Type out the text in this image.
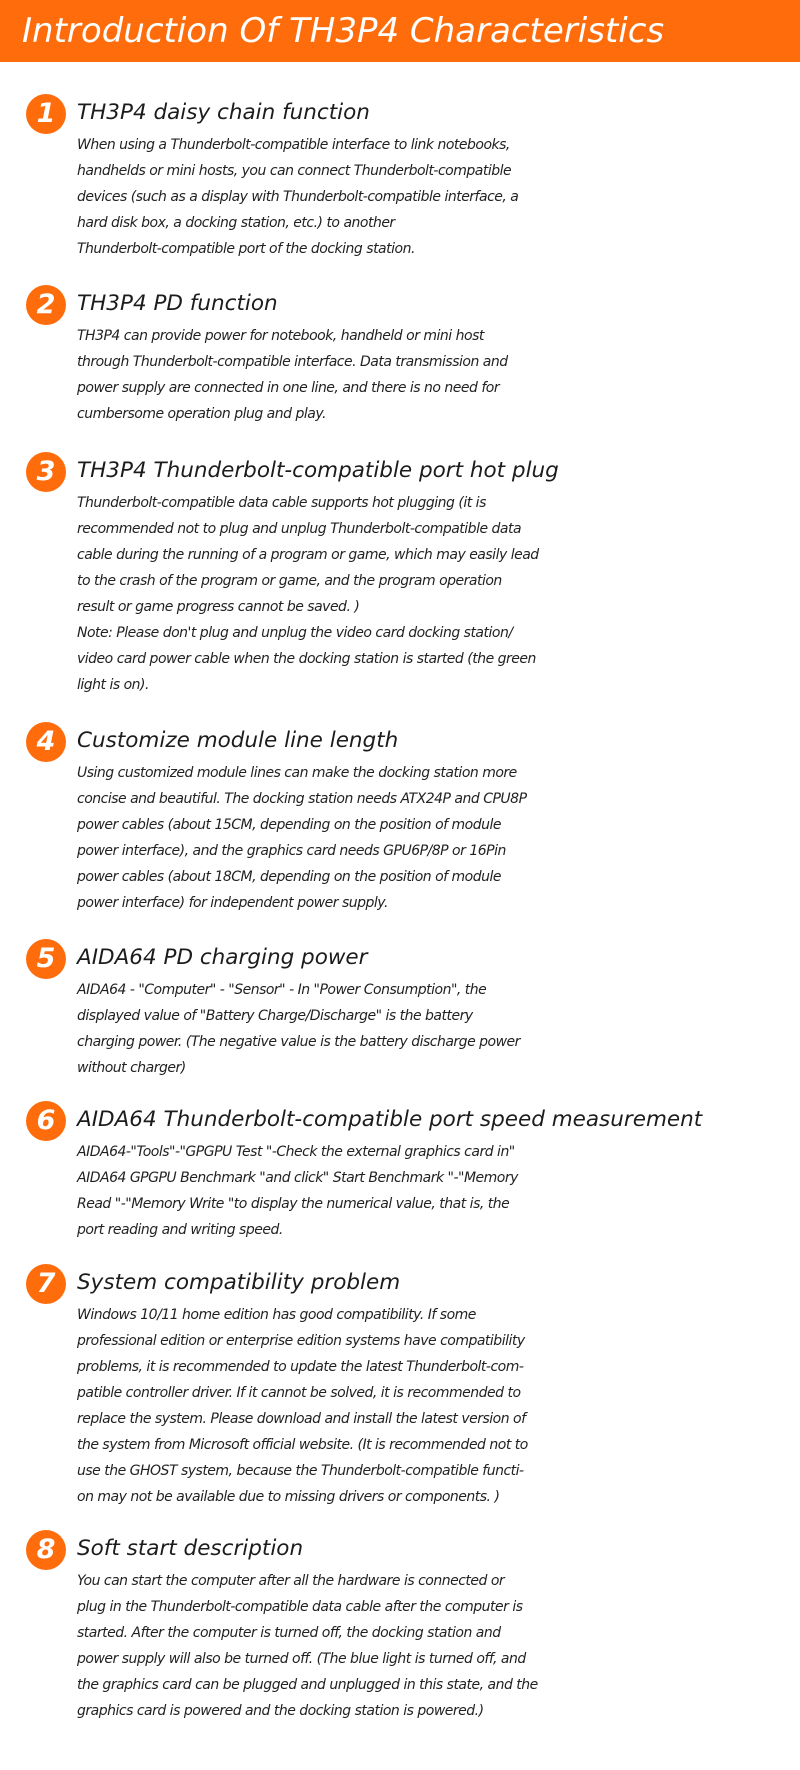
Introduction Of TH3P4 Characteristics
1	TH3P4 daisy chain function
When using a Thunderbolt-compatible interface to link notebooks,
handhelds or mini hosts, you can connect Thunderbolt-compatible
devices (such as a display with Thunderbolt-compatible interface, a
hard disk box, a docking station, etc.) to another
Thunderbolt-compatible port of the docking station.
2	TH3P4 PD function
TH3P4 can provide power for notebook, handheld or mini host
through Thunderbolt-compatible interface. Data transmission and
power supply are connected in one line, and there is no need for
cumbersome operation plug and play.
3	TH3P4 Thunderbolt-compatible port hot plug
Thunderbolt-compatible data cable supports hot plugging (it is
recommended not to plug and unplug Thunderbolt-compatible data
cable during the running of a program or game, which may easily lead
to the crash of the program or game, and the program operation
result or game progress cannot be saved. )
Note: Please don't plug and unplug the video card docking station/
video card power cable when the docking station is started (the green
light is on).
4	Customize module line length
Using customized module lines can make the docking station more
concise and beautiful. The docking station needs ATX24P and CPU8P
power cables (about 15CM, depending on the position of module
power interface), and the graphics card needs GPU6P/8P or 16Pin
power cables (about 18CM, depending on the position of module
power interface) for independent power supply.
5	AIDA64 PD charging power
AIDA64 - "Computer" - "Sensor" - In "Power Consumption", the
displayed value of "Battery Charge/Discharge" is the battery
charging power. (The negative value is the battery discharge power
without charger)
6	AIDA64 Thunderbolt-compatible port speed measurement
AIDA64-"Tools"-"GPGPU Test "-Check the external graphics card in"
AIDA64 GPGPU Benchmark "and click" Start Benchmark "-"Memory
Read "-"Memory Write "to display the numerical value, that is, the
port reading and writing speed.
7	System compatibility problem
Windows 10/11 home edition has good compatibility. If some
professional edition or enterprise edition systems have compatibility
problems, it is recommended to update the latest Thunderbolt-com-
patible controller driver. If it cannot be solved, it is recommended to
replace the system. Please download and install the latest version of
the system from Microsoft official website. (It is recommended not to
use the GHOST system, because the Thunderbolt-compatible functi-
on may not be available due to missing drivers or components. )
8	Soft start description
You can start the computer after all the hardware is connected or
plug in the Thunderbolt-compatible data cable after the computer is
started. After the computer is turned off, the docking station and
power supply will also be turned off. (The blue light is turned off, and
the graphics card can be plugged and unplugged in this state, and the
graphics card is powered and the docking station is powered.)
